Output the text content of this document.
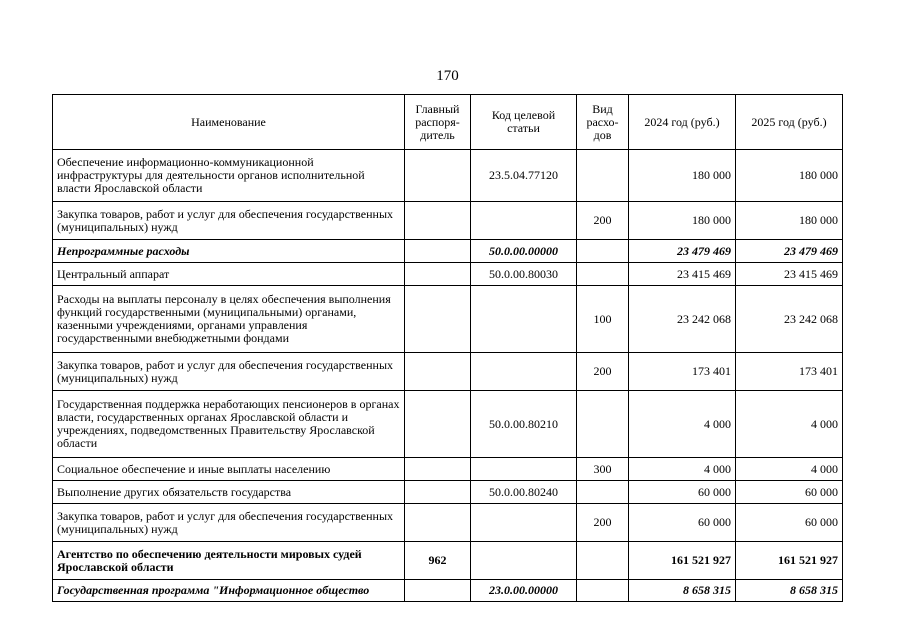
170
Наименование	Главный распоря-дитель	Код целевой статьи	Вид расхо-дов	2024 год (руб.)	2025 год (руб.)
Обеспечение информационно-коммуникационной инфраструктуры для деятельности органов исполнительной власти Ярославской области		23.5.04.77120		180 000	180 000
Закупка товаров, работ и услуг для обеспечения государственных (муниципальных) нужд			200	180 000	180 000
Непрограммные расходы		50.0.00.00000		23 479 469	23 479 469
Центральный аппарат		50.0.00.80030		23 415 469	23 415 469
Расходы на выплаты персоналу в целях обеспечения выполнения функций государственными (муниципальными) органами, казенными учреждениями, органами управления государственными внебюджетными фондами			100	23 242 068	23 242 068
Закупка товаров, работ и услуг для обеспечения государственных (муниципальных) нужд			200	173 401	173 401
Государственная поддержка неработающих пенсионеров в органах власти, государственных органах Ярославской области и учреждениях, подведомственных Правительству Ярославской области		50.0.00.80210		4 000	4 000
Социальное обеспечение и иные выплаты населению			300	4 000	4 000
Выполнение других обязательств государства		50.0.00.80240		60 000	60 000
Закупка товаров, работ и услуг для обеспечения государственных (муниципальных) нужд			200	60 000	60 000
Агентство по обеспечению деятельности мировых судей Ярославской области	962			161 521 927	161 521 927
Государственная программа "Информационное общество		23.0.00.00000		8 658 315	8 658 315
